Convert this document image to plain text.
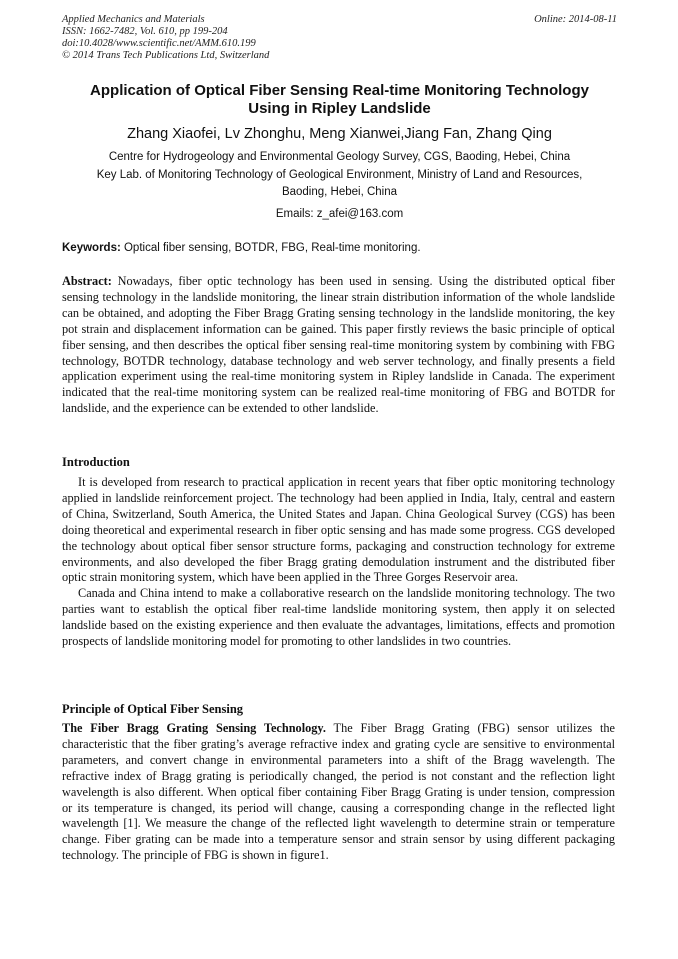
Applied Mechanics and Materials
ISSN: 1662-7482, Vol. 610, pp 199-204
doi:10.4028/www.scientific.net/AMM.610.199
© 2014 Trans Tech Publications Ltd, Switzerland
Online: 2014-08-11
Application of Optical Fiber Sensing Real-time Monitoring Technology
Using in Ripley Landslide
Zhang Xiaofei, Lv Zhonghu, Meng Xianwei,Jiang Fan, Zhang Qing
Centre for Hydrogeology and Environmental Geology Survey, CGS, Baoding, Hebei, China
Key Lab. of Monitoring Technology of Geological Environment, Ministry of Land and Resources,
Baoding, Hebei, China
Emails: z_afei@163.com
Keywords: Optical fiber sensing, BOTDR, FBG, Real-time monitoring.

Abstract: Nowadays, fiber optic technology has been used in sensing. Using the distributed optical fiber sensing technology in the landslide monitoring, the linear strain distribution information of the whole landslide can be obtained, and adopting the Fiber Bragg Grating sensing technology in the landslide monitoring, the key pot strain and displacement information can be gained. This paper firstly reviews the basic principle of optical fiber sensing, and then describes the optical fiber sensing real-time monitoring system by combining with FBG technology, BOTDR technology, database technology and web server technology, and finally presents a field application experiment using the real-time monitoring system in Ripley landslide in Canada. The experiment indicated that the real-time monitoring system can be realized real-time monitoring of FBG and BOTDR for landslide, and the experience can be extended to other landslide.

Introduction

It is developed from research to practical application in recent years that fiber optic monitoring technology applied in landslide reinforcement project. The technology had been applied in India, Italy, central and eastern of China, Switzerland, South America, the United States and Japan. China Geological Survey (CGS) has been doing theoretical and experimental research in fiber optic sensing and has made some progress. CGS developed the technology about optical fiber sensor structure forms, packaging and construction technology for extreme environments, and also developed the fiber Bragg grating demodulation instrument and the distributed fiber optic strain monitoring system, which have been applied in the Three Gorges Reservoir area.

Canada and China intend to make a collaborative research on the landslide monitoring technology. The two parties want to establish the optical fiber real-time landslide monitoring system, then apply it on selected landslide based on the existing experience and then evaluate the advantages, limitations, effects and promotion prospects of landslide monitoring model for promoting to other landslides in two countries.

Principle of Optical Fiber Sensing

The Fiber Bragg Grating Sensing Technology. The Fiber Bragg Grating (FBG) sensor utilizes the characteristic that the fiber grating’s average refractive index and grating cycle are sensitive to environmental parameters, and convert change in environmental parameters into a shift of the Bragg wavelength. The refractive index of Bragg grating is periodically changed, the period is not constant and the reflection light wavelength is also different. When optical fiber containing Fiber Bragg Grating is under tension, compression or its temperature is changed, its period will change, causing a corresponding change in the reflected light wavelength [1]. We measure the change of the reflected light wavelength to determine strain or temperature change. Fiber grating can be made into a temperature sensor and strain sensor by using different packaging technology. The principle of FBG is shown in figure1.
